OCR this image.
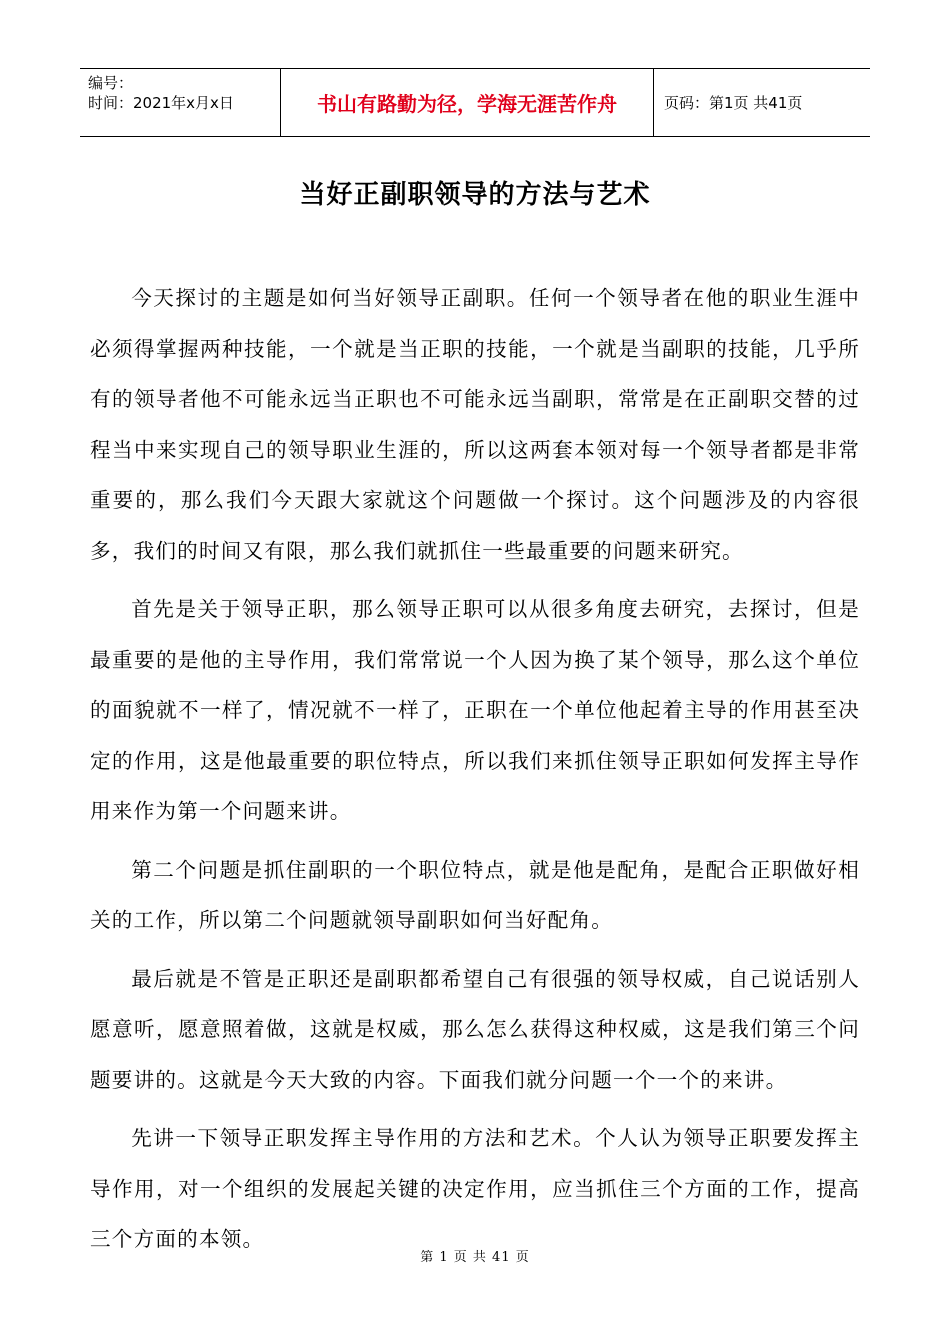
编号：
时间：2021年x月x日	书山有路勤为径，学海无涯苦作舟	页码：第1页 共41页
当好正副职领导的方法与艺术

今天探讨的主题是如何当好领导正副职。任何一个领导者在他的职业生涯中必须得掌握两种技能，一个就是当正职的技能，一个就是当副职的技能，几乎所有的领导者他不可能永远当正职也不可能永远当副职，常常是在正副职交替的过程当中来实现自己的领导职业生涯的，所以这两套本领对每一个领导者都是非常重要的，那么我们今天跟大家就这个问题做一个探讨。这个问题涉及的内容很多，我们的时间又有限，那么我们就抓住一些最重要的问题来研究。

首先是关于领导正职，那么领导正职可以从很多角度去研究，去探讨，但是最重要的是他的主导作用，我们常常说一个人因为换了某个领导，那么这个单位的面貌就不一样了，情况就不一样了，正职在一个单位他起着主导的作用甚至决定的作用，这是他最重要的职位特点，所以我们来抓住领导正职如何发挥主导作用来作为第一个问题来讲。

第二个问题是抓住副职的一个职位特点，就是他是配角，是配合正职做好相关的工作，所以第二个问题就领导副职如何当好配角。

最后就是不管是正职还是副职都希望自己有很强的领导权威，自己说话别人愿意听，愿意照着做，这就是权威，那么怎么获得这种权威，这是我们第三个问题要讲的。这就是今天大致的内容。下面我们就分问题一个一个的来讲。

先讲一下领导正职发挥主导作用的方法和艺术。个人认为领导正职要发挥主导作用，对一个组织的发展起关键的决定作用，应当抓住三个方面的工作，提高三个方面的本领。

第 1 页 共 41 页
